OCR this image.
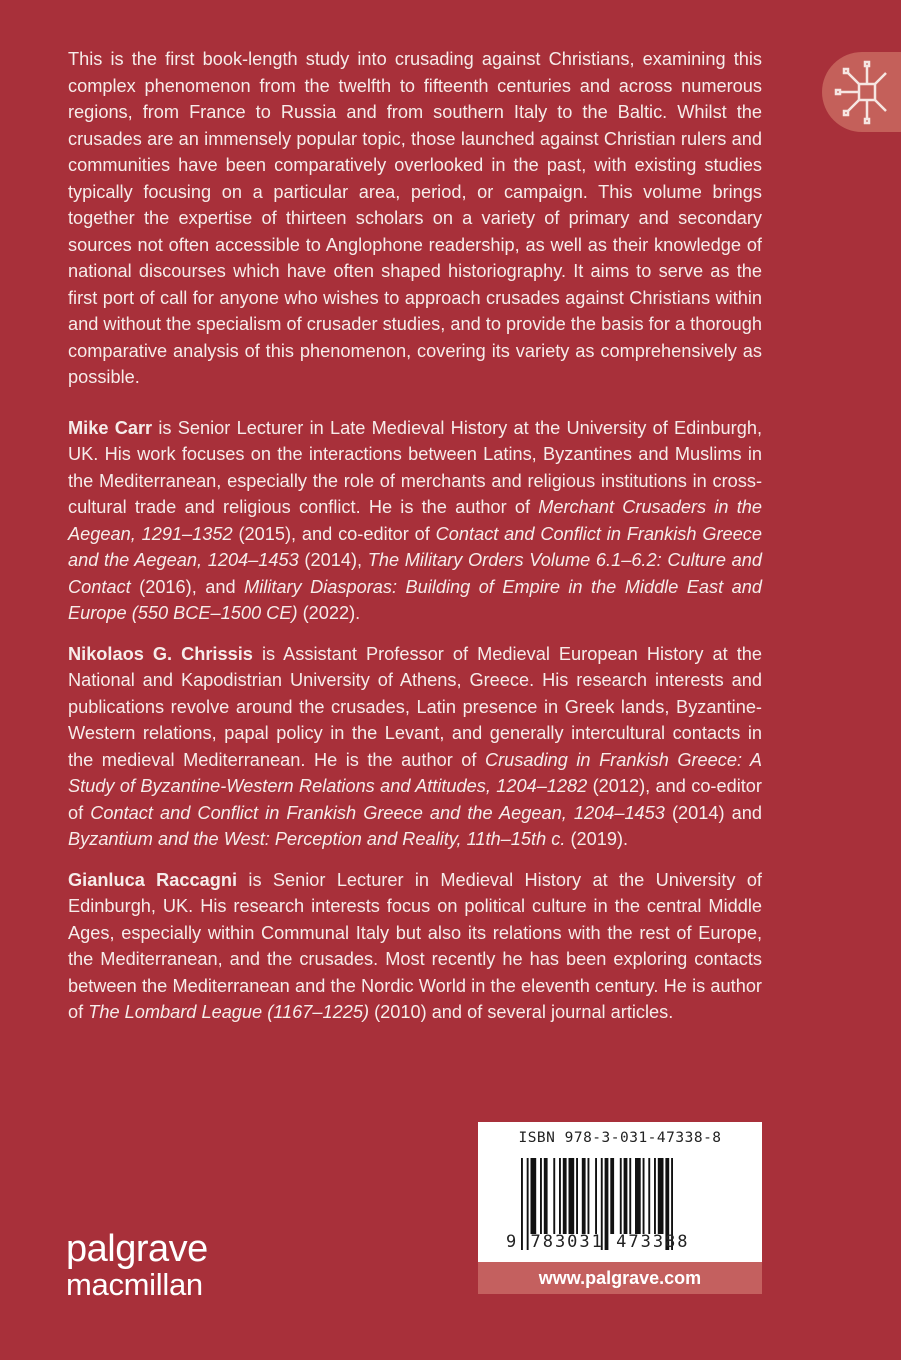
This is the first book-length study into crusading against Christians, examining this complex phenomenon from the twelfth to fifteenth centuries and across numerous regions, from France to Russia and from southern Italy to the Baltic. Whilst the crusades are an immensely popular topic, those launched against Christian rulers and communities have been comparatively overlooked in the past, with existing studies typically focusing on a particular area, period, or campaign. This volume brings together the expertise of thirteen scholars on a variety of primary and secondary sources not often accessible to Anglophone readership, as well as their knowledge of national discourses which have often shaped historiography. It aims to serve as the first port of call for anyone who wishes to approach crusades against Christians within and without the specialism of crusader studies, and to provide the basis for a thorough comparative analysis of this phenomenon, covering its variety as comprehensively as possible.

Mike Carr is Senior Lecturer in Late Medieval History at the University of Edinburgh, UK. His work focuses on the interactions between Latins, Byzantines and Muslims in the Mediterranean, especially the role of merchants and religious institutions in cross-cultural trade and religious conflict. He is the author of Merchant Crusaders in the Aegean, 1291–1352 (2015), and co-editor of Contact and Conflict in Frankish Greece and the Aegean, 1204–1453 (2014), The Military Orders Volume 6.1–6.2: Culture and Contact (2016), and Military Diasporas: Building of Empire in the Middle East and Europe (550 BCE–1500 CE) (2022).

Nikolaos G. Chrissis is Assistant Professor of Medieval European History at the National and Kapodistrian University of Athens, Greece. His research interests and publications revolve around the crusades, Latin presence in Greek lands, Byzantine-Western relations, papal policy in the Levant, and generally intercultural contacts in the medieval Mediterranean. He is the author of Crusading in Frankish Greece: A Study of Byzantine-Western Relations and Attitudes, 1204–1282 (2012), and co-editor of Contact and Conflict in Frankish Greece and the Aegean, 1204–1453 (2014) and Byzantium and the West: Perception and Reality, 11th–15th c. (2019).

Gianluca Raccagni is Senior Lecturer in Medieval History at the University of Edinburgh, UK. His research interests focus on political culture in the central Middle Ages, especially within Communal Italy but also its relations with the rest of Europe, the Mediterranean, and the crusades. Most recently he has been exploring contacts between the Mediterranean and the Nordic World in the eleventh century. He is author of The Lombard League (1167–1225) (2010) and of several journal articles.

ISBN 978-3-031-47338-8
9 783031 473388
www.palgrave.com
palgrave
macmillan
